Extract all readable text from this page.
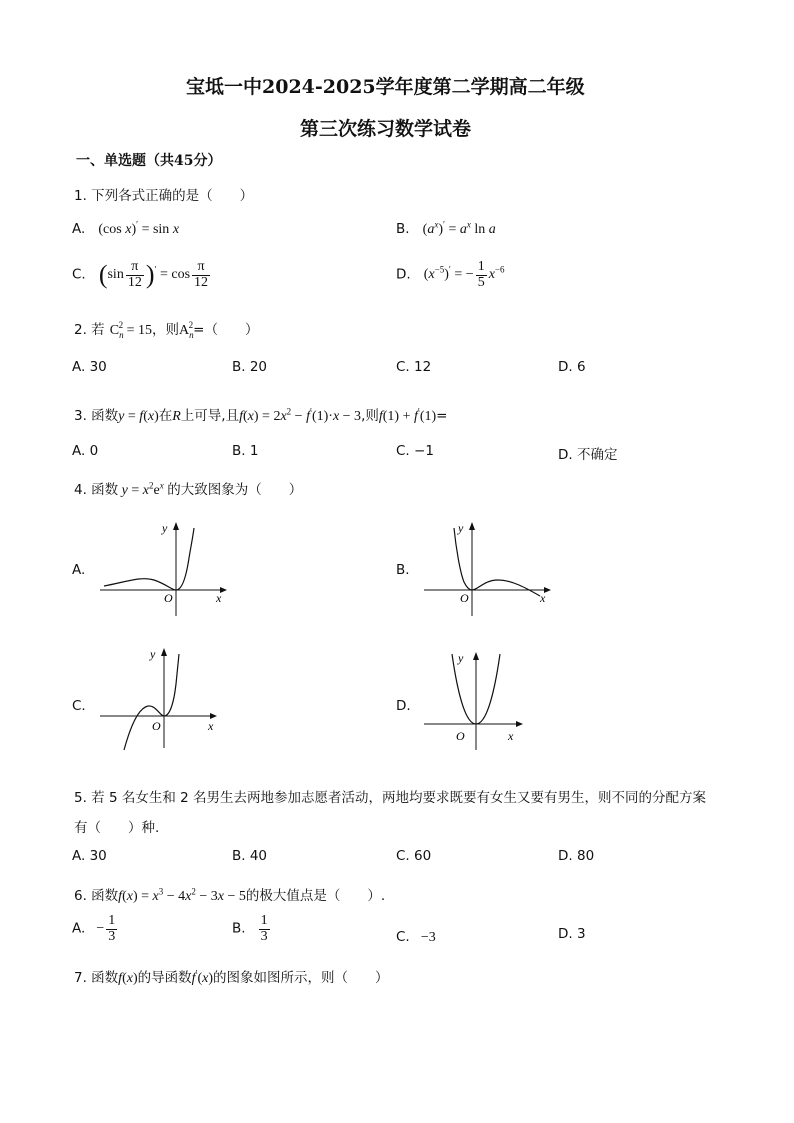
宝坻一中2024-2025学年度第二学期高二年级
第三次练习数学试卷
一、单选题（共45分）
1. 下列各式正确的是（　　）
A. (cos x)′ = sin x	B. $(a^x)' = a^x$ ln a
C. $(\sin \frac{\pi}{12} )' = \cos \frac{\pi}{12}$	D. $(x^{-5})'$ = − $\frac{1}{5} x^{-6}$
2. 若 $C_n^2 = 15$，则$A_n^2=$（　　）
A. 30	B. 20	C. 12	D. 6
3. 函数y = f(x)在R上可导,且$f(x) = 2x^2 - f'(1)\cdot x - 3$,则f(1) + f′(1)=
A. 0	B. 1	C. −1	D. 不确定
4. 函数 $y = x^2e^x$ 的大致图象为（　　）
A.	B.
C.	D.
O	x
y
O	x
y
O	x
y
O	x
y
5. 若 5 名女生和 2 名男生去两地参加志愿者活动，两地均要求既要有女生又要有男生，则不同的分配方案
有（　　）种.
A. 30	B. 40	C. 60	D. 80
6. 函数$f(x) = x^3 - 4x^2 - 3x - 5$的极大值点是（　　）.
A. − $\frac{1}{3}$	B. $\frac{1}{3}$	C. −3	D. 3
7. 函数f(x)的导函数f′(x)的图象如图所示，则（　　）
